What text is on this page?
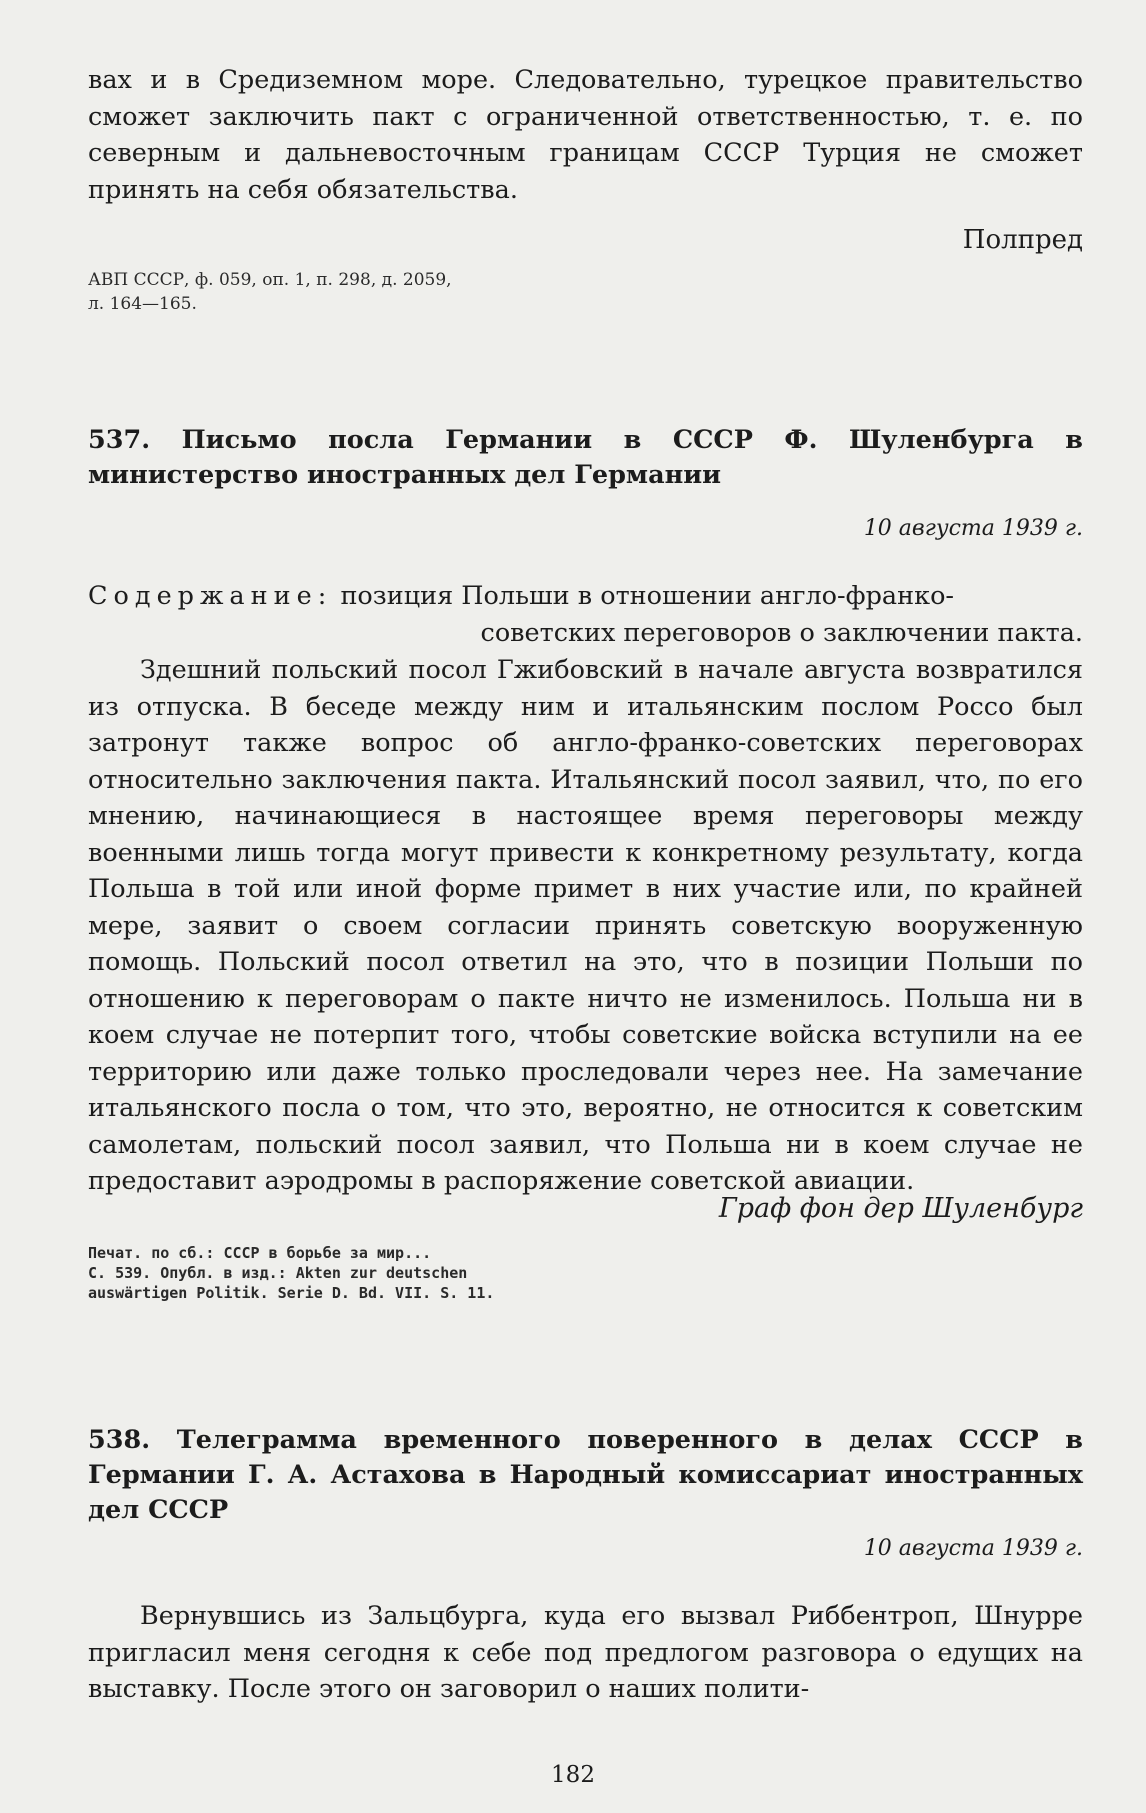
вах и в Средиземном море. Следовательно, турецкое правительство сможет заключить пакт с ограниченной ответственностью, т. е. по северным и дальневосточным границам СССР Турция не сможет принять на себя обязательства.

Полпред

АВП СССР, ф. 059, оп. 1, п. 298, д. 2059,

л. 164—165.

537. Письмо посла Германии в СССР Ф. Шуленбурга в министерство иностранных дел Германии

10 августа 1939 г.

Содержание: позиция Польши в отношении англо-франко-

советских переговоров о заключении пакта.

Здешний польский посол Гжибовский в начале августа возвратился из отпуска. В беседе между ним и итальянским послом Россо был затронут также вопрос об англо-франко-советских переговорах относительно заключения пакта. Итальянский посол заявил, что, по его мнению, начинающиеся в настоящее время переговоры между военными лишь тогда могут привести к конкретному результату, когда Польша в той или иной форме примет в них участие или, по крайней мере, заявит о своем согласии принять советскую вооруженную помощь. Польский посол ответил на это, что в позиции Польши по отношению к переговорам о пакте ничто не изменилось. Польша ни в коем случае не потерпит того, чтобы советские войска вступили на ее территорию или даже только проследовали через нее. На замечание итальянского посла о том, что это, вероятно, не относится к советским самолетам, польский посол заявил, что Польша ни в коем случае не предоставит аэродромы в распоряжение советской авиации.

Граф фон дер Шуленбург

Печат. по сб.: СССР в борьбе за мир...

С. 539. Опубл. в изд.: Akten zur deutschen

auswärtigen Politik. Serie D. Bd. VII. S. 11.

538. Телеграмма временного поверенного в делах СССР в Германии Г. А. Астахова в Народный комиссариат иностранных дел СССР

10 августа 1939 г.

Вернувшись из Зальцбурга, куда его вызвал Риббентроп, Шнурре пригласил меня сегодня к себе под предлогом разговора о едущих на выставку. После этого он заговорил о наших полити-

182
